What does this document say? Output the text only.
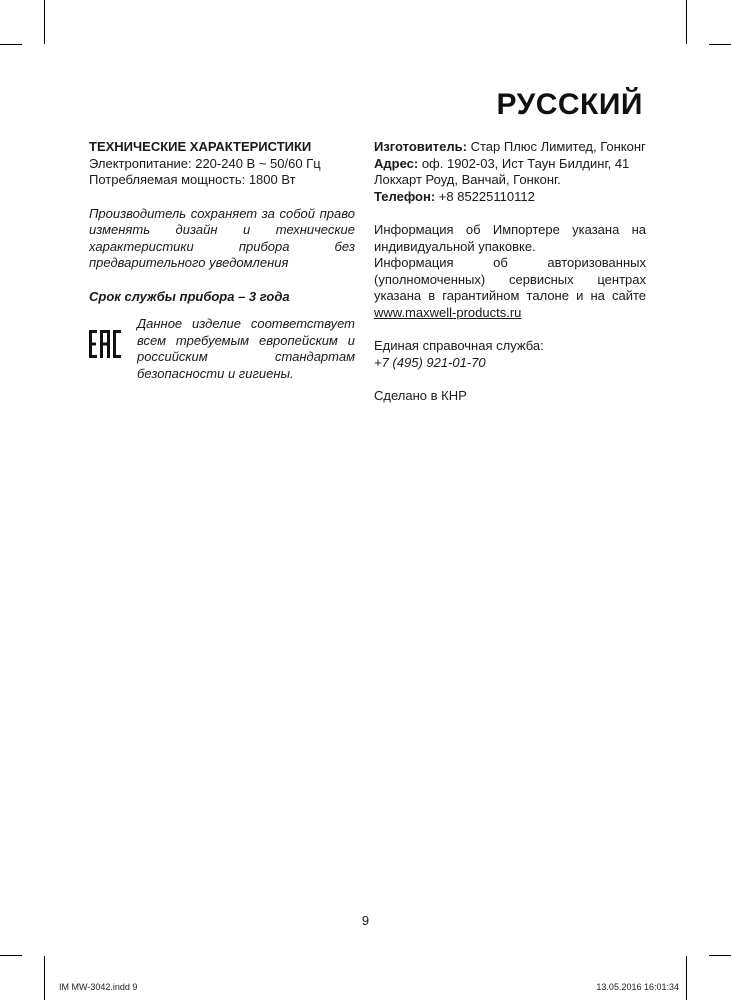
РУССКИЙ
ТЕХНИЧЕСКИЕ ХАРАКТЕРИСТИКИ
Электропитание: 220-240 В ~ 50/60 Гц
Потребляемая мощность: 1800 Вт
Производитель сохраняет за собой право изменять дизайн и технические характеристики прибора без предварительного уведомления
Срок службы прибора – 3 года
Данное изделие соответствует всем требуемым европейским и российским стандартам безопасности и гигиены.
Изготовитель: Стар Плюс Лимитед, Гонконг
Адрес: оф. 1902-03, Ист Таун Билдинг, 41 Локхарт Роуд, Ванчай, Гонконг.
Телефон: +8 85225110112
Информация об Импортере указана на индивидуальной упаковке.
Информация об авторизованных (уполномоченных) сервисных центрах указана в гарантийном талоне и на сайте www.maxwell-products.ru
Единая справочная служба:
+7 (495) 921-01-70
Сделано в КНР
9
IM MW-3042.indd 9	13.05.2016 16:01:34
